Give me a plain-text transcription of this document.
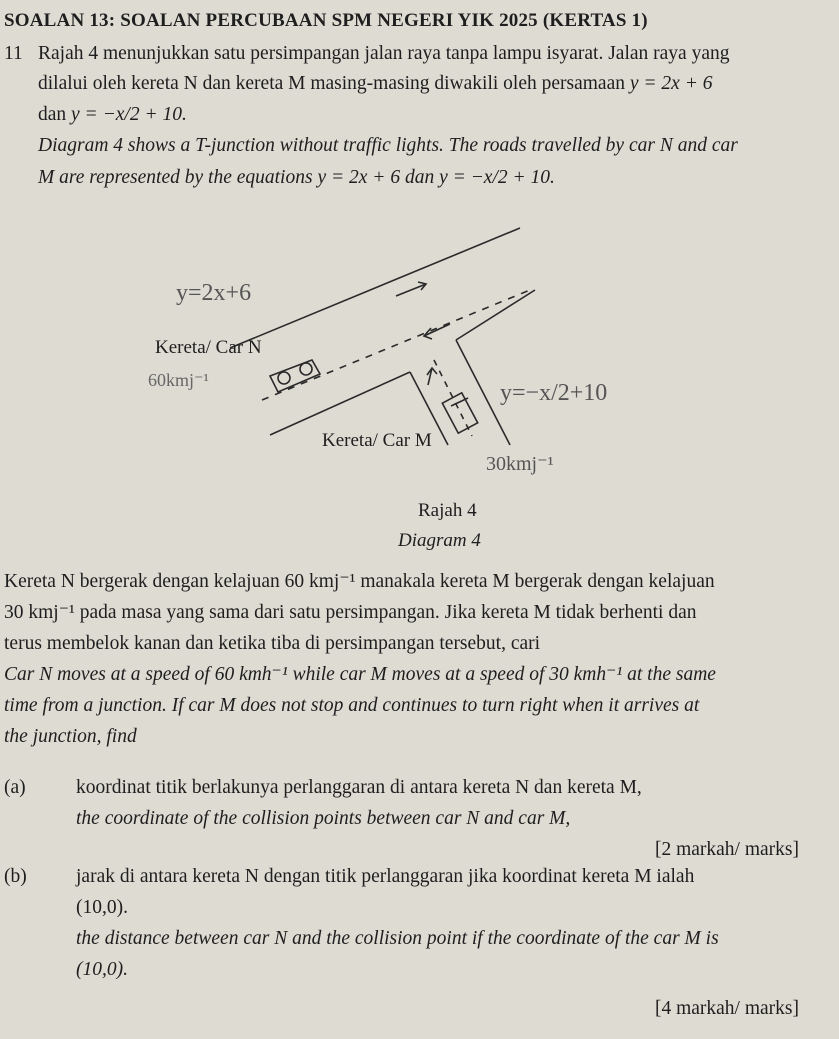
SOALAN 13: SOALAN PERCUBAAN SPM NEGERI YIK 2025 (KERTAS 1)
11 Rajah 4 menunjukkan satu persimpangan jalan raya tanpa lampu isyarat. Jalan raya yang
dilalui oleh kereta N dan kereta M masing-masing diwakili oleh persamaan y = 2x + 6
dan y = −x/2 + 10.
Diagram 4 shows a T-junction without traffic lights. The roads travelled by car N and car
M are represented by the equations y = 2x + 6 dan y = −x/2 + 10.
Kereta/ Car N
Kereta/ Car M
Rajah 4
Diagram 4
y=2x+6
60kmj⁻¹	y=−x/2+10
30kmj⁻¹
Kereta N bergerak dengan kelajuan 60 kmj⁻¹ manakala kereta M bergerak dengan kelajuan
30 kmj⁻¹ pada masa yang sama dari satu persimpangan. Jika kereta M tidak berhenti dan
terus membelok kanan dan ketika tiba di persimpangan tersebut, cari
Car N moves at a speed of 60 kmh⁻¹ while car M moves at a speed of 30 kmh⁻¹ at the same
time from a junction. If car M does not stop and continues to turn right when it arrives at
the junction, find
(a)	koordinat titik berlakunya perlanggaran di antara kereta N dan kereta M,
the coordinate of the collision points between car N and car M,
[2 markah/ marks]
(b)	jarak di antara kereta N dengan titik perlanggaran jika koordinat kereta M ialah
(10,0).
the distance between car N and the collision point if the coordinate of the car M is
(10,0).
[4 markah/ marks]
